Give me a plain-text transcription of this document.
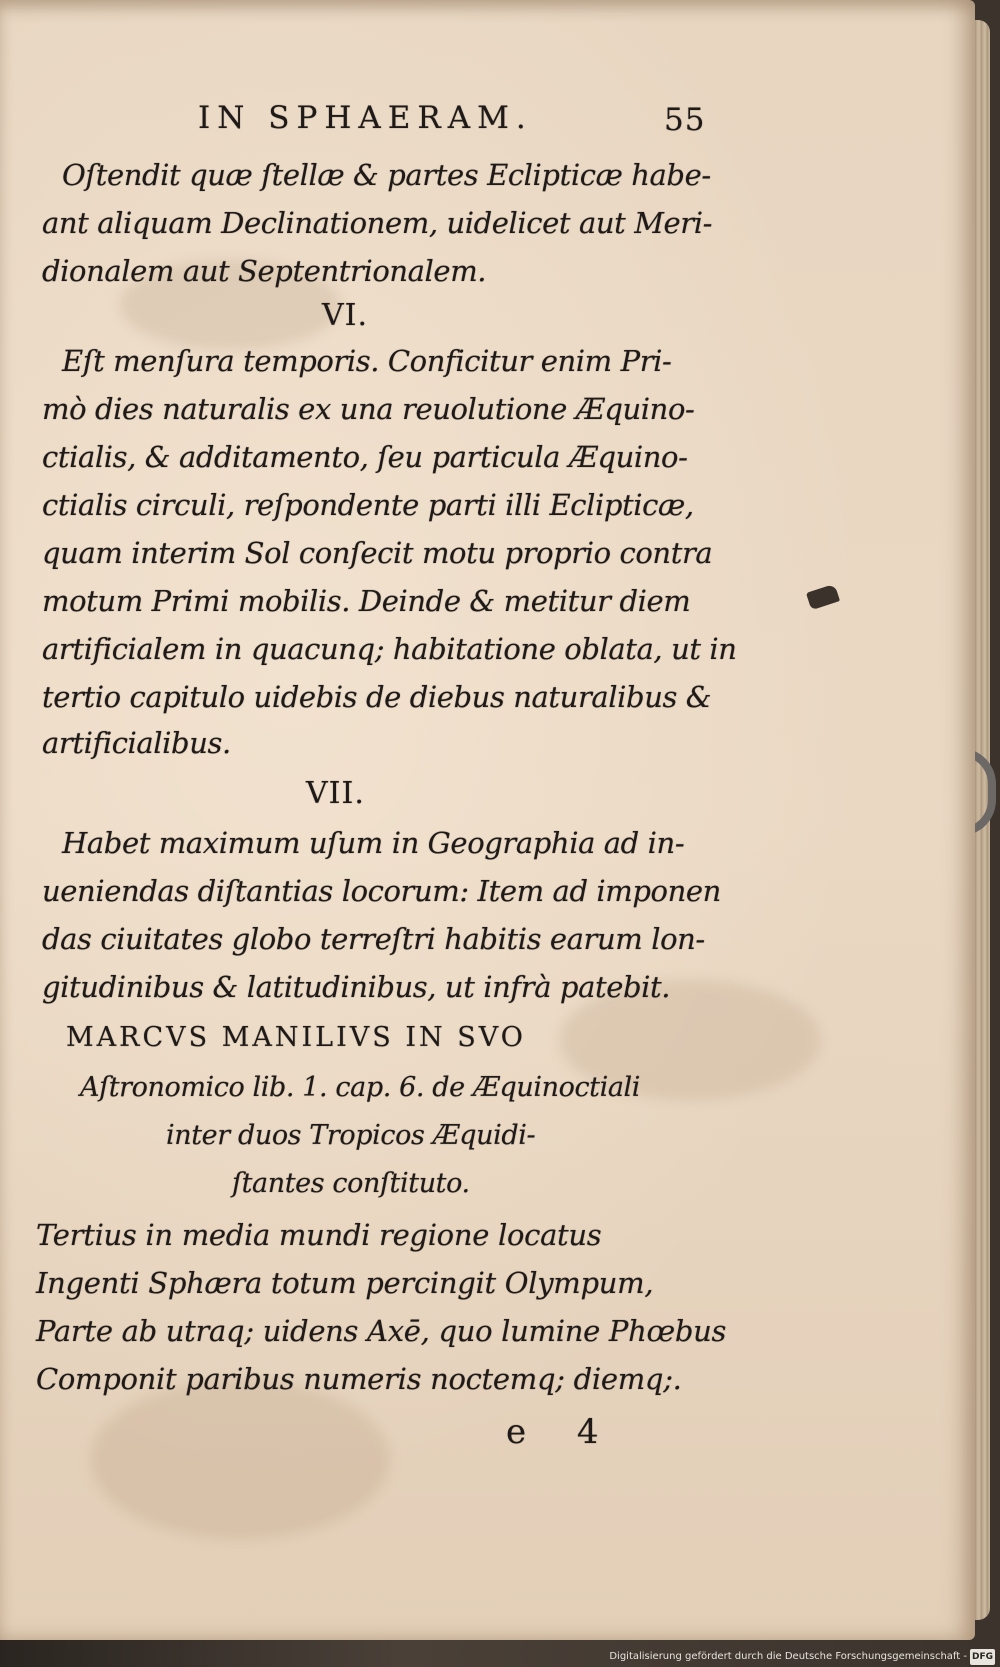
IN SPHAERAM.	55
Oſtendit quæ ſtellæ & partes Eclipticæ habe-
ant aliquam Declinationem, uidelicet aut Meri-
dionalem aut Septentrionalem.
VI.
Eſt menſura temporis. Conficitur enim Pri-
mò dies naturalis ex una reuolutione Æquino-
ctialis, & additamento, ſeu particula Æquino-
ctialis circuli, reſpondente parti illi Eclipticæ,
quam interim Sol conſecit motu proprio contra
motum Primi mobilis. Deinde & metitur diem
artificialem in quacunq; habitatione oblata, ut in
tertio capitulo uidebis de diebus naturalibus &
artificialibus.
VII.
Habet maximum uſum in Geographia ad in-
ueniendas diſtantias locorum: Item ad imponen
das ciuitates globo terreſtri habitis earum lon-
gitudinibus & latitudinibus, ut infrà patebit.
MARCVS MANILIVS IN SVO
Aſtronomico lib. 1. cap. 6. de Æquinoctiali
inter duos Tropicos Æquidi-
ſtantes conſtituto.
Tertius in media mundi regione locatus
Ingenti Sphæra totum percingit Olympum,
Parte ab utraq; uidens Axē, quo lumine Phœbus
Componit paribus numeris noctemq; diemq;.
e 4
Digitalisierung gefördert durch die Deutsche Forschungsgemeinschaft - DFG
